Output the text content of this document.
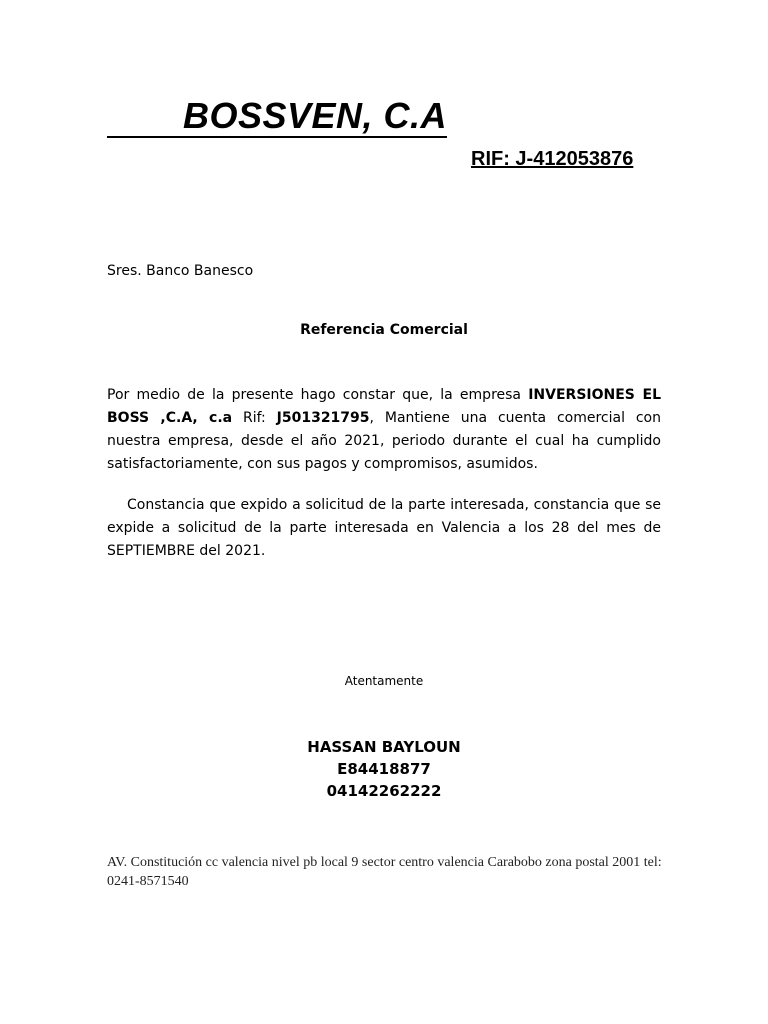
BOSSVEN, C.A
RIF: J-412053876
Sres. Banco Banesco
Referencia Comercial

Por medio de la presente hago constar que, la empresa INVERSIONES EL BOSS ,C.A, c.a Rif: J501321795, Mantiene una cuenta comercial con nuestra empresa, desde el año 2021, periodo durante el cual ha cumplido satisfactoriamente, con sus pagos y compromisos, asumidos.

Constancia que expido a solicitud de la parte interesada, constancia que se expide a solicitud de la parte interesada en Valencia a los 28 del mes de SEPTIEMBRE del 2021.

Atentamente
HASSAN BAYLOUN
E84418877
04142262222
AV. Constitución cc valencia nivel pb local 9 sector centro valencia Carabobo zona postal 2001 tel: 0241-8571540
